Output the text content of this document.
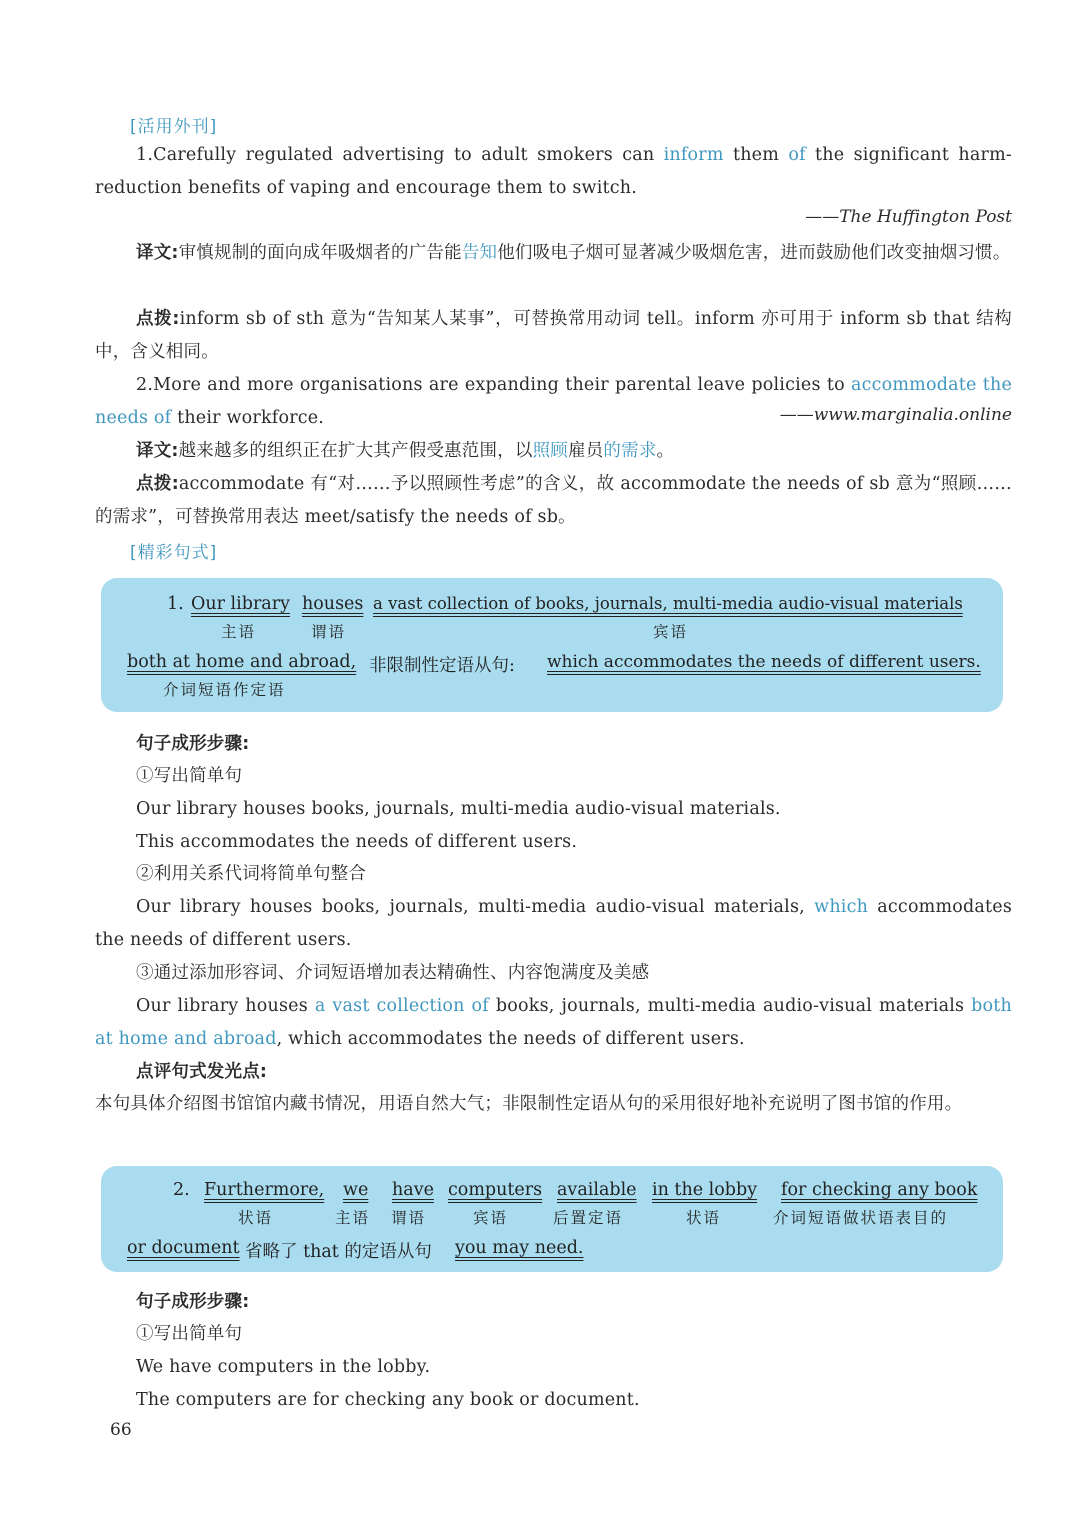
[活用外刊]

1.Carefully regulated advertising to adult smokers can inform them of the significant harm-reduction benefits of vaping and encourage them to switch.

——The Huffington Post

译文:审慎规制的面向成年吸烟者的广告能告知他们吸电子烟可显著减少吸烟危害，进而鼓励他们改变抽烟习惯。

点拨:inform sb of sth 意为“告知某人某事”，可替换常用动词 tell。inform 亦可用于 inform sb that 结构中，含义相同。

2.More and more organisations are expanding their parental leave policies to accommodate the needs of their workforce.	——www.marginalia.online

译文:越来越多的组织正在扩大其产假受惠范围，以照顾雇员的需求。

点拨:accommodate 有“对……予以照顾性考虑”的含义，故 accommodate the needs of sb 意为“照顾……的需求”，可替换常用表达 meet/satisfy the needs of sb。

[精彩句式]
1. Our library
主语
houses
谓语
a vast collection of books, journals, multi-media audio-visual materials
宾语
both at home and abroad,
介词短语作定语
非限制性定语从句: which accommodates the needs of different users.

句子成形步骤:

①写出简单句

Our library houses books, journals, multi-media audio-visual materials.

This accommodates the needs of different users.

②利用关系代词将简单句整合

Our library houses books, journals, multi-media audio-visual materials, which accommodates the needs of different users.

③通过添加形容词、介词短语增加表达精确性、内容饱满度及美感

Our library houses a vast collection of books, journals, multi-media audio-visual materials both at home and abroad, which accommodates the needs of different users.

点评句式发光点:

本句具体介绍图书馆馆内藏书情况，用语自然大气；非限制性定语从句的采用很好地补充说明了图书馆的作用。

2. Furthermore,
状语
we
主语
have
谓语
computers
宾语
available
后置定语
in the lobby
状语
for checking any book
介词短语做状语表目的
or document 省略了 that 的定语从句 you may need.

句子成形步骤:

①写出简单句

We have computers in the lobby.

The computers are for checking any book or document.

66
